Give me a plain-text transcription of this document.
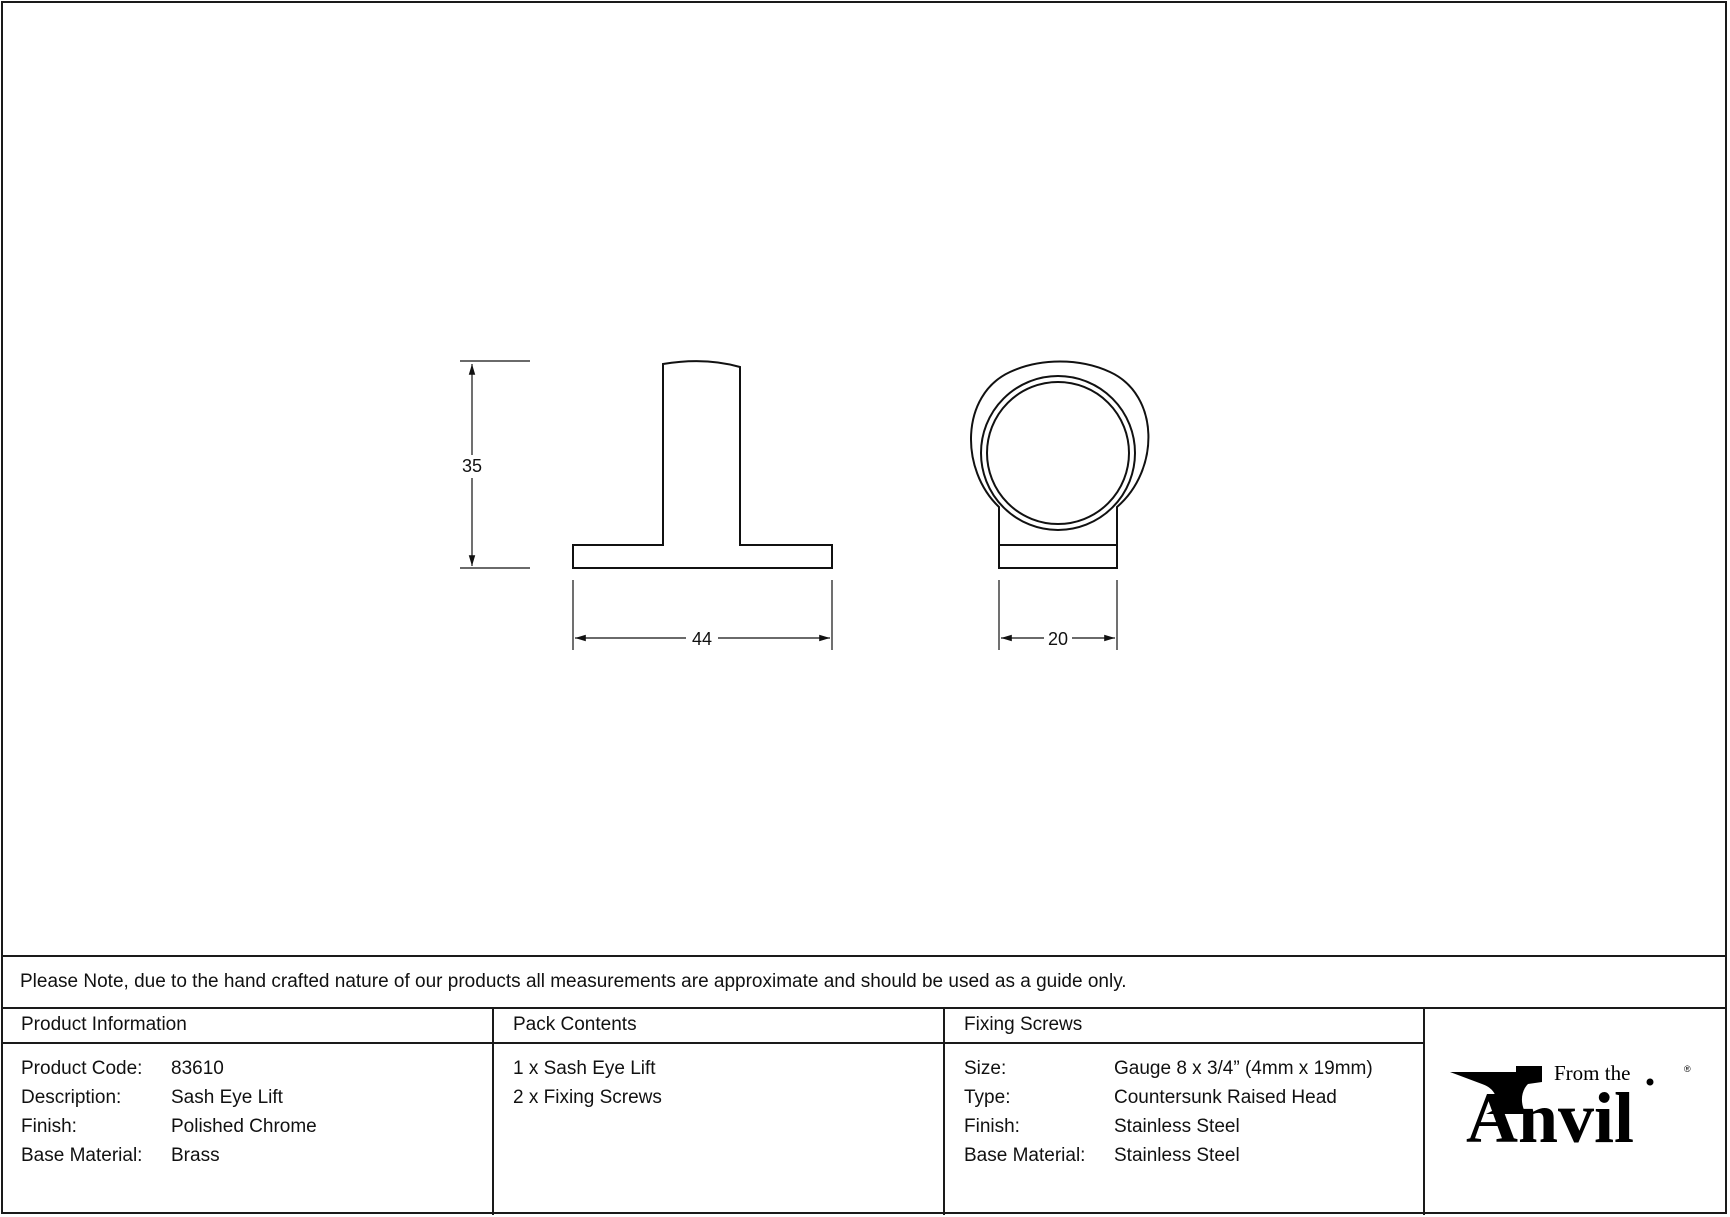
35
44	20
Please Note, due to the hand crafted nature of our products all measurements are approximate and should be used as a guide only.
Product Information
Product Code: 83610
Description:	Sash Eye Lift
Finish:	Polished Chrome
Base Material: Brass
Pack Contents
1 x Sash Eye Lift
2 x Fixing Screws
Fixing Screws
Size:	Gauge 8 x 3/4” (4mm x 19mm)
Type:	Countersunk Raised Head
Finish:	Stainless Steel
Base Material: Stainless Steel
From the
Anvil
®
